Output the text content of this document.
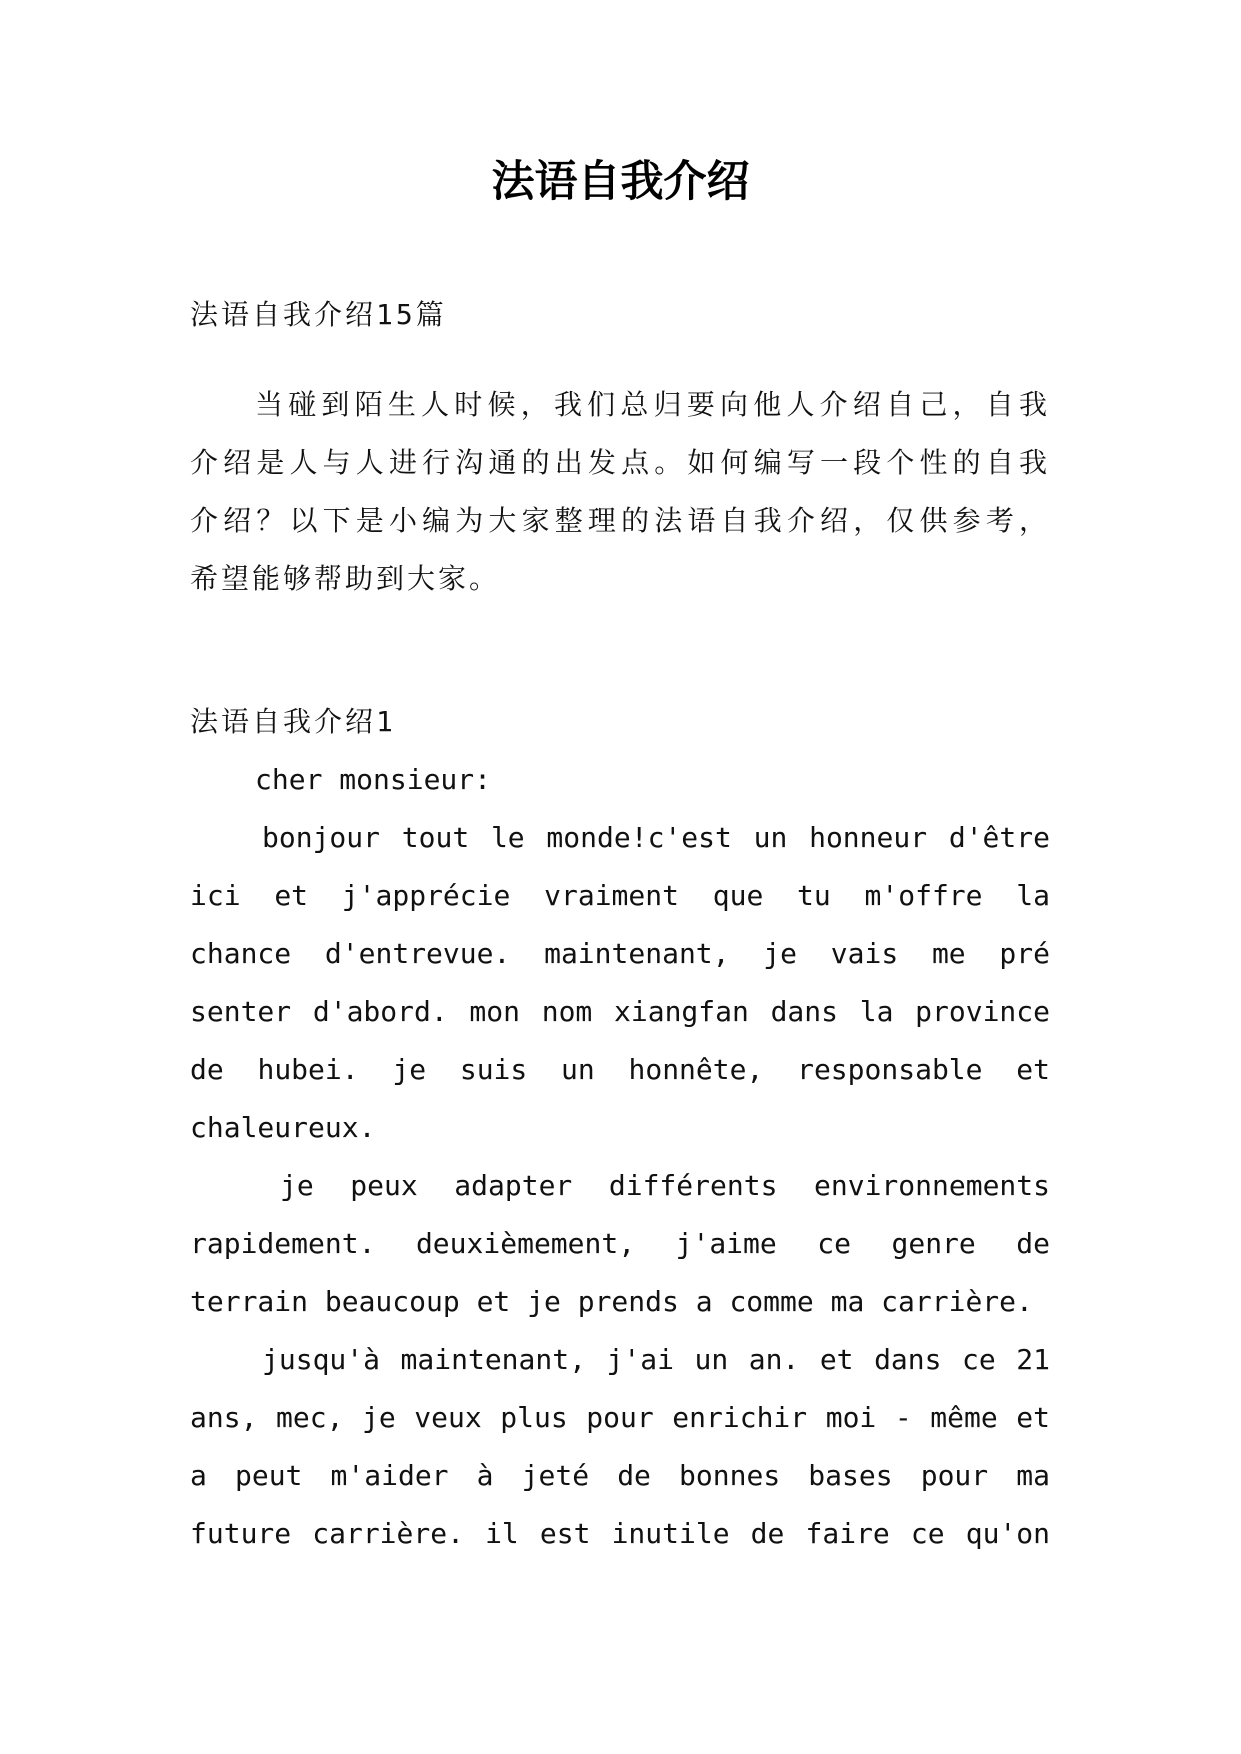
法语自我介绍
法语自我介绍15篇
当碰到陌生人时候，我们总归要向他人介绍自己，自我
介绍是人与人进行沟通的出发点。如何编写一段个性的自我
介绍？以下是小编为大家整理的法语自我介绍，仅供参考，
希望能够帮助到大家。
法语自我介绍1
cher monsieur:
bonjour tout le monde!c'est un honneur d'être
ici et j'apprécie vraiment que tu m'offre la
chance d'entrevue. maintenant, je vais me pré
senter d'abord. mon nom xiangfan dans la province
de hubei. je suis un honnête, responsable et
chaleureux.
je peux adapter différents environnements
rapidement. deuxièmement, j'aime ce genre de
terrain beaucoup et je prends a comme ma carrière.
jusqu'à maintenant, j'ai un an. et dans ce 21
ans, mec, je veux plus pour enrichir moi - même et
a peut m'aider à jeté de bonnes bases pour ma
future carrière. il est inutile de faire ce qu'on
